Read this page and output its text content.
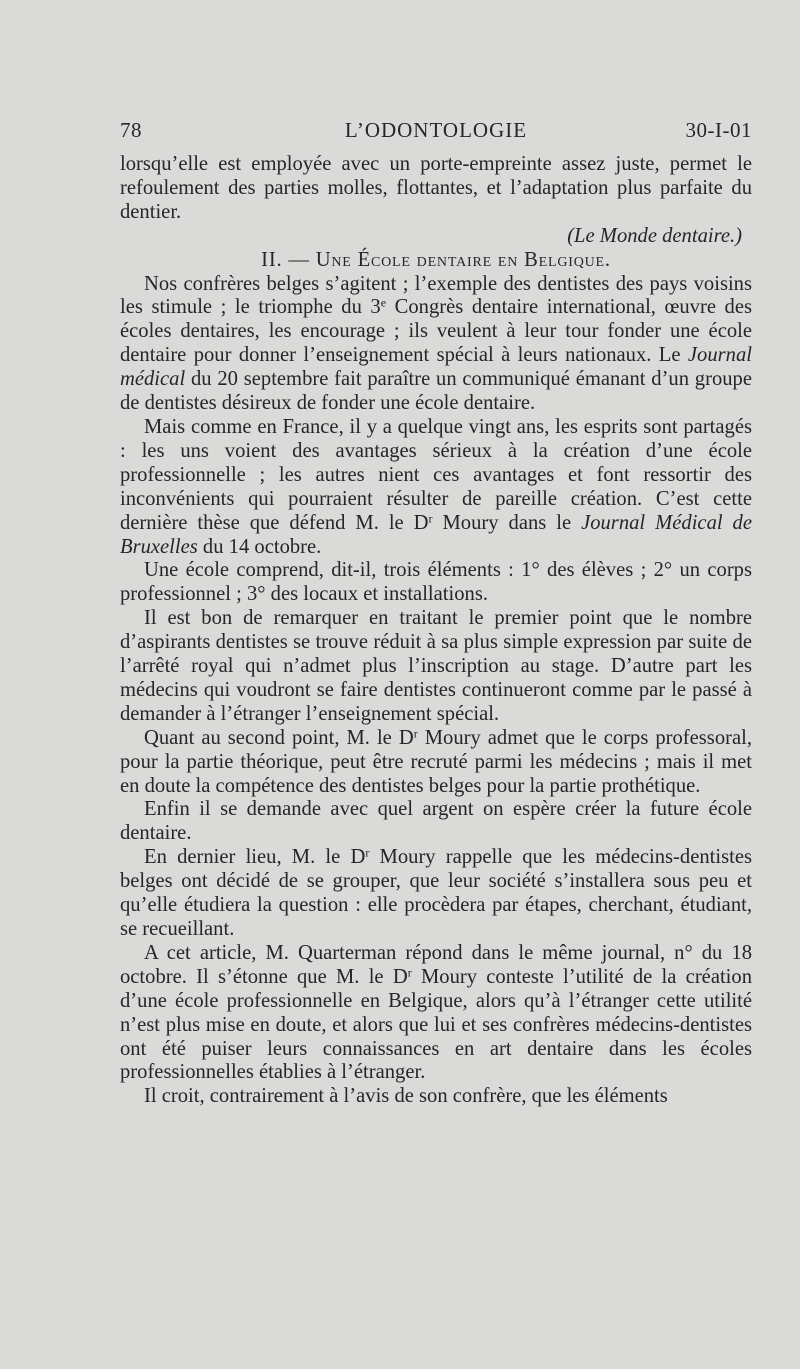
78	L’ODONTOLOGIE	30-I-01

lorsqu’elle est employée avec un porte-empreinte assez juste, permet le refoulement des parties molles, flottantes, et l’adaptation plus parfaite du dentier.

(Le Monde dentaire.)

II. — Une École dentaire en Belgique.

Nos confrères belges s’agitent ; l’exemple des dentistes des pays voisins les stimule ; le triomphe du 3e Congrès dentaire international, œuvre des écoles dentaires, les encourage ; ils veulent à leur tour fonder une école dentaire pour donner l’enseignement spécial à leurs nationaux. Le Journal médical du 20 septembre fait paraître un communiqué émanant d’un groupe de dentistes désireux de fonder une école dentaire.

Mais comme en France, il y a quelque vingt ans, les esprits sont partagés : les uns voient des avantages sérieux à la création d’une école professionnelle ; les autres nient ces avantages et font ressortir des inconvénients qui pourraient résulter de pareille création. C’est cette dernière thèse que défend M. le $D^r$ Moury dans le Journal Médical de Bruxelles du 14 octobre.

Une école comprend, dit-il, trois éléments : 1° des élèves ; 2° un corps professionnel ; 3° des locaux et installations.

Il est bon de remarquer en traitant le premier point que le nombre d’aspirants dentistes se trouve réduit à sa plus simple expression par suite de l’arrêté royal qui n’admet plus l’inscription au stage. D’autre part les médecins qui voudront se faire dentistes continueront comme par le passé à demander à l’étranger l’enseignement spécial.

Quant au second point, M. le $D^r$ Moury admet que le corps professoral, pour la partie théorique, peut être recruté parmi les médecins ; mais il met en doute la compétence des dentistes belges pour la partie prothétique.

Enfin il se demande avec quel argent on espère créer la future école dentaire.

En dernier lieu, M. le $D^r$ Moury rappelle que les médecins-dentistes belges ont décidé de se grouper, que leur société s’installera sous peu et qu’elle étudiera la question : elle procèdera par étapes, cherchant, étudiant, se recueillant.

A cet article, M. Quarterman répond dans le même journal, n° du 18 octobre. Il s’étonne que M. le $D^r$ Moury conteste l’utilité de la création d’une école professionnelle en Belgique, alors qu’à l’étranger cette utilité n’est plus mise en doute, et alors que lui et ses confrères médecins-dentistes ont été puiser leurs connaissances en art dentaire dans les écoles professionnelles établies à l’étranger.

Il croit, contrairement à l’avis de son confrère, que les éléments
